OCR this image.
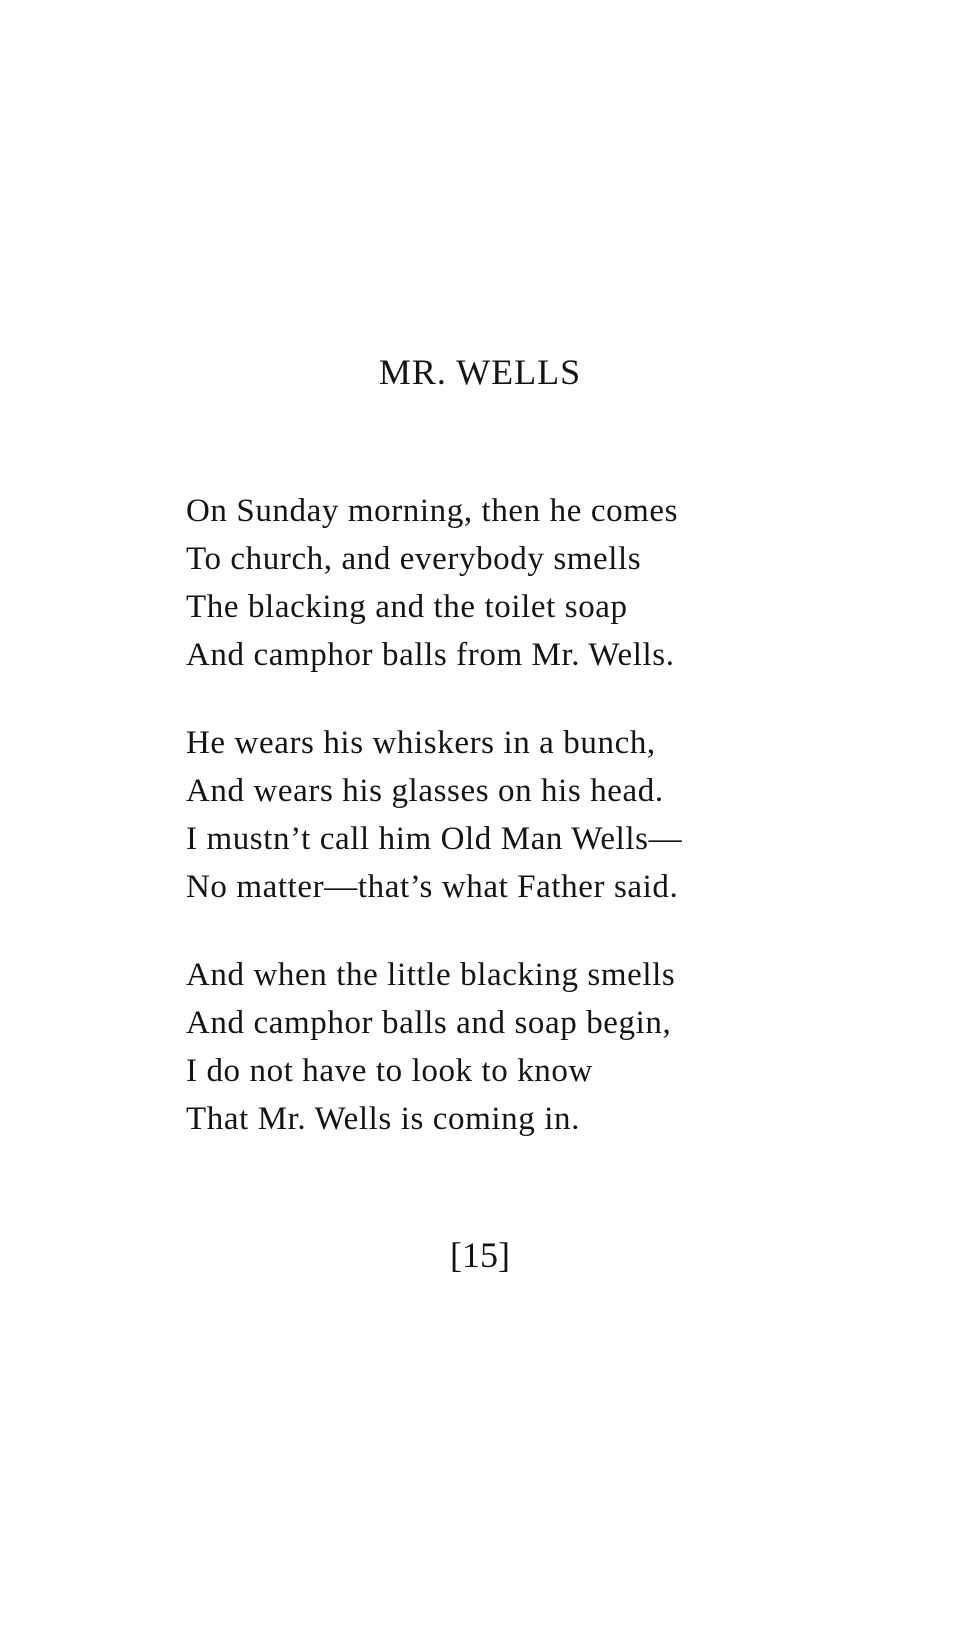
MR. WELLS
On Sunday morning, then he comes
To church, and everybody smells
The blacking and the toilet soap
And camphor balls from Mr. Wells.
He wears his whiskers in a bunch,
And wears his glasses on his head.
I mustn’t call him Old Man Wells—
No matter—that’s what Father said.
And when the little blacking smells
And camphor balls and soap begin,
I do not have to look to know
That Mr. Wells is coming in.
[15]
